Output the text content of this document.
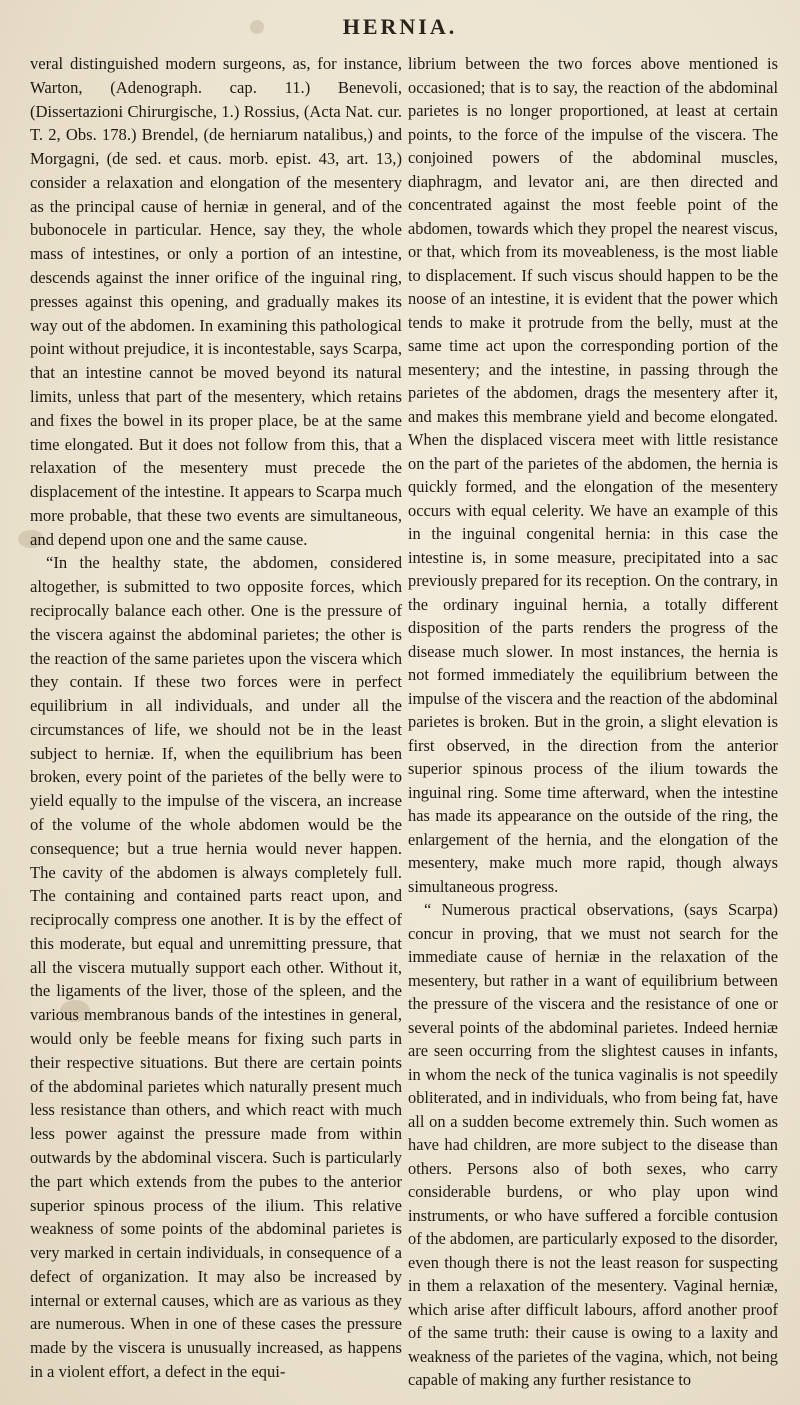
HERNIA.

veral distinguished modern surgeons, as, for instance, Warton, (Adenograph. cap. 11.) Benevoli, (Dissertazioni Chirurgische, 1.) Rossius, (Acta Nat. cur. T. 2, Obs. 178.) Brendel, (de herniarum natalibus,) and Morgagni, (de sed. et caus. morb. epist. 43, art. 13,) consider a relaxation and elongation of the mesentery as the principal cause of herniæ in general, and of the bubonocele in particular. Hence, say they, the whole mass of intestines, or only a portion of an intestine, descends against the inner orifice of the inguinal ring, presses against this opening, and gradually makes its way out of the abdomen. In examining this pathological point without prejudice, it is incontestable, says Scarpa, that an intestine cannot be moved beyond its natural limits, unless that part of the mesentery, which retains and fixes the bowel in its proper place, be at the same time elongated. But it does not follow from this, that a relaxation of the mesentery must precede the displacement of the intestine. It appears to Scarpa much more probable, that these two events are simultaneous, and depend upon one and the same cause.

“In the healthy state, the abdomen, considered altogether, is submitted to two opposite forces, which reciprocally balance each other. One is the pressure of the viscera against the abdominal parietes; the other is the reaction of the same parietes upon the viscera which they contain. If these two forces were in perfect equilibrium in all individuals, and under all the circumstances of life, we should not be in the least subject to herniæ. If, when the equilibrium has been broken, every point of the parietes of the belly were to yield equally to the impulse of the viscera, an increase of the volume of the whole abdomen would be the consequence; but a true hernia would never happen. The cavity of the abdomen is always completely full. The containing and contained parts react upon, and reciprocally compress one another. It is by the effect of this moderate, but equal and unremitting pressure, that all the viscera mutually support each other. Without it, the ligaments of the liver, those of the spleen, and the various membranous bands of the intestines in general, would only be feeble means for fixing such parts in their respective situations. But there are certain points of the abdominal parietes which naturally present much less resistance than others, and which react with much less power against the pressure made from within outwards by the abdominal viscera. Such is particularly the part which extends from the pubes to the anterior superior spinous process of the ilium. This relative weakness of some points of the abdominal parietes is very marked in certain individuals, in consequence of a defect of organization. It may also be increased by internal or external causes, which are as various as they are numerous. When in one of these cases the pressure made by the viscera is unusually increased, as happens in a violent effort, a defect in the equi-

librium between the two forces above mentioned is occasioned; that is to say, the reaction of the abdominal parietes is no longer proportioned, at least at certain points, to the force of the impulse of the viscera. The conjoined powers of the abdominal muscles, diaphragm, and levator ani, are then directed and concentrated against the most feeble point of the abdomen, towards which they propel the nearest viscus, or that, which from its moveableness, is the most liable to displacement. If such viscus should happen to be the noose of an intestine, it is evident that the power which tends to make it protrude from the belly, must at the same time act upon the corresponding portion of the mesentery; and the intestine, in passing through the parietes of the abdomen, drags the mesentery after it, and makes this membrane yield and become elongated. When the displaced viscera meet with little resistance on the part of the parietes of the abdomen, the hernia is quickly formed, and the elongation of the mesentery occurs with equal celerity. We have an example of this in the inguinal congenital hernia: in this case the intestine is, in some measure, precipitated into a sac previously prepared for its reception. On the contrary, in the ordinary inguinal hernia, a totally different disposition of the parts renders the progress of the disease much slower. In most instances, the hernia is not formed immediately the equilibrium between the impulse of the viscera and the reaction of the abdominal parietes is broken. But in the groin, a slight elevation is first observed, in the direction from the anterior superior spinous process of the ilium towards the inguinal ring. Some time afterward, when the intestine has made its appearance on the outside of the ring, the enlargement of the hernia, and the elongation of the mesentery, make much more rapid, though always simultaneous progress.

“ Numerous practical observations, (says Scarpa) concur in proving, that we must not search for the immediate cause of herniæ in the relaxation of the mesentery, but rather in a want of equilibrium between the pressure of the viscera and the resistance of one or several points of the abdominal parietes. Indeed herniæ are seen occurring from the slightest causes in infants, in whom the neck of the tunica vaginalis is not speedily obliterated, and in individuals, who from being fat, have all on a sudden become extremely thin. Such women as have had children, are more subject to the disease than others. Persons also of both sexes, who carry considerable burdens, or who play upon wind instruments, or who have suffered a forcible contusion of the abdomen, are particularly exposed to the disorder, even though there is not the least reason for suspecting in them a relaxation of the mesentery. Vaginal herniæ, which arise after difficult labours, afford another proof of the same truth: their cause is owing to a laxity and weakness of the parietes of the vagina, which, not being capable of making any further resistance to
